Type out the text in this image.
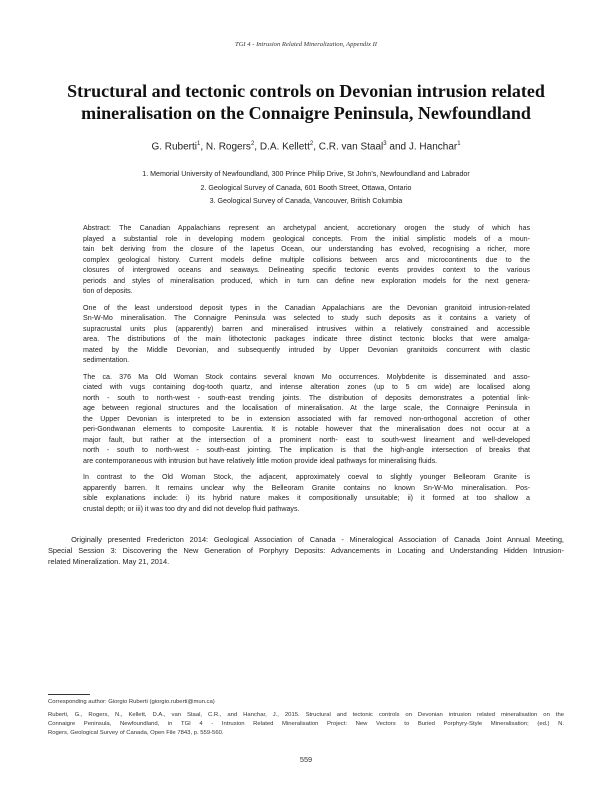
TGI 4 - Intrusion Related Mineralization, Appendix II
Structural and tectonic controls on Devonian intrusion related
mineralisation on the Connaigre Peninsula, Newfoundland
G. Ruberti$^1$, N. Rogers$^2$, D.A. Kellett$^2$, C.R. van Staal$^3$ and J. Hanchar$^1$
1. Memorial University of Newfoundland, 300 Prince Philip Drive, St John's, Newfoundland and Labrador
2. Geological Survey of Canada, 601 Booth Street, Ottawa, Ontario
3. Geological Survey of Canada, Vancouver, British Columbia

Abstract: The Canadian Appalachians represent an archetypal ancient, accretionary orogen the study of which has
played a substantial role in developing modern geological concepts. From the initial simplistic models of a moun-
tain belt deriving from the closure of the Iapetus Ocean, our understanding has evolved, recognising a richer, more
complex geological history. Current models define multiple collisions between arcs and microcontinents due to the
closures of intergrowed oceans and seaways. Delineating specific tectonic events provides context to the various
periods and styles of mineralisation produced, which in turn can define new exploration models for the next genera-
tion of deposits.

One of the least understood deposit types in the Canadian Appalachians are the Devonian granitoid intrusion-related
Sn-W-Mo mineralisation. The Connaigre Peninsula was selected to study such deposits as it contains a variety of
supracrustal units plus (apparently) barren and mineralised intrusives within a relatively constrained and accessible
area. The distributions of the main lithotectonic packages indicate three distinct tectonic blocks that were amalga-
mated by the Middle Devonian, and subsequently intruded by Upper Devonian granitoids concurrent with clastic
sedimentation.

The ca. 376 Ma Old Woman Stock contains several known Mo occurrences. Molybdenite is disseminated and asso-
ciated with vugs containing dog-tooth quartz, and intense alteration zones (up to 5 cm wide) are localised along
north - south to north-west - south-east trending joints. The distribution of deposits demonstrates a potential link-
age between regional structures and the localisation of mineralisation. At the large scale, the Connaigre Peninsula in
the Upper Devonian is interpreted to be in extension associated with far removed non-orthogonal accretion of other
peri-Gondwanan elements to composite Laurentia. It is notable however that the mineralisation does not occur at a
major fault, but rather at the intersection of a prominent north- east to south-west lineament and well-developed
north - south to north-west - south-east jointing. The implication is that the high-angle intersection of breaks that
are contemporaneous with intrusion but have relatively little motion provide ideal pathways for mineralising fluids.

In contrast to the Old Woman Stock, the adjacent, approximately coeval to slightly younger Belleoram Granite is
apparently barren. It remains unclear why the Belleoram Granite contains no known Sn-W-Mo mineralisation. Pos-
sible explanations include: i) its hybrid nature makes it compositionally unsuitable; ii) it formed at too shallow a
crustal depth; or iii) it was too dry and did not develop fluid pathways.

Originally presented Fredericton 2014: Geological Association of Canada - Mineralogical Association of Canada Joint Annual Meeting,
Special Session 3: Discovering the New Generation of Porphyry Deposits: Advancements in Locating and Understanding Hidden Intrusion-
related Mineralization. May 21, 2014.
Corresponding author: Giorgio Ruberti (giorgio.ruberti@mun.ca)
Ruberti, G., Rogers, N., Kellett, D.A., van Staal, C.R., and Hanchar, J., 2015. Structural and tectonic controls on Devonian intrusion related mineralisation on the
Connaigre Peninsula, Newfoundland, in TGI 4 - Intrusion Related Mineralisation Project: New Vectors to Buried Porphyry-Style Mineralisation; (ed.) N.
Rogers, Geological Survey of Canada, Open File 7843, p. 559-560.
559
